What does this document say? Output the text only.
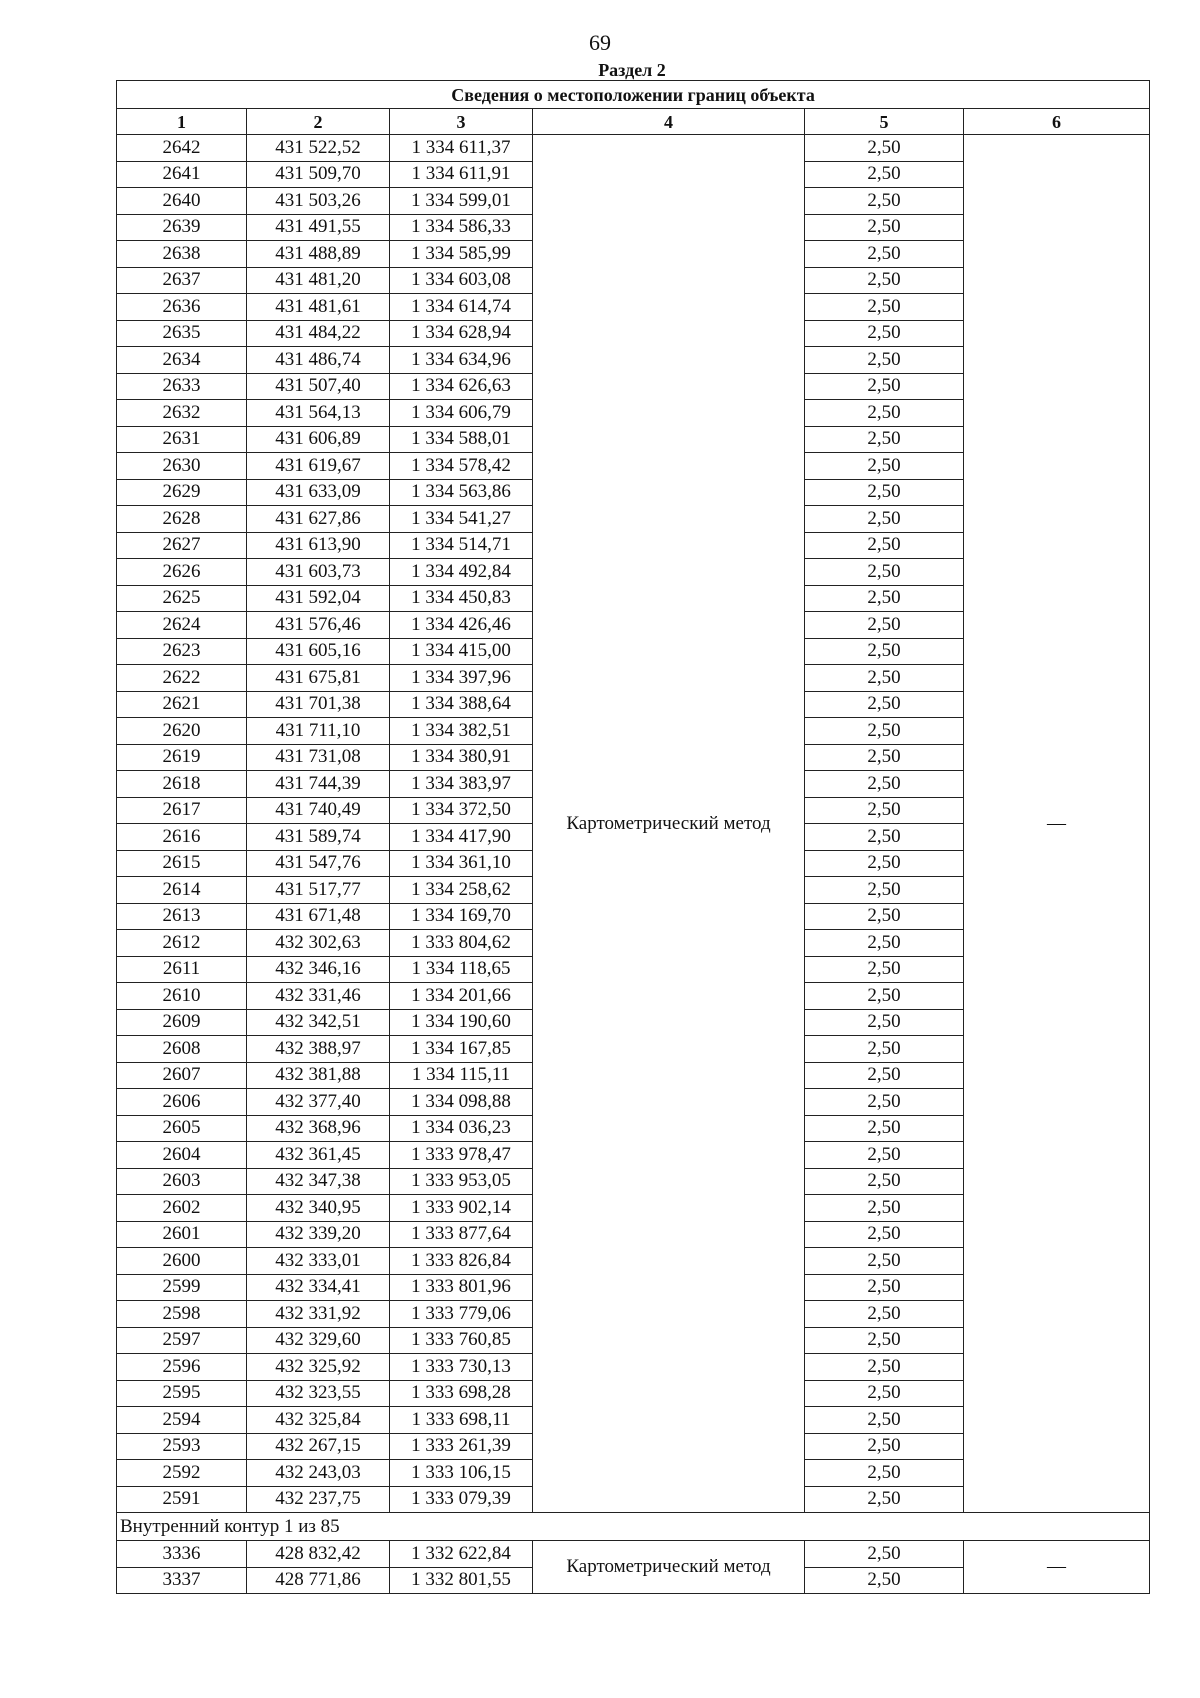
69
Раздел 2
Сведения о местоположении границ объекта					
1	2	3	4	5	6
2642	431 522,52	1 334 611,37	Картометрический метод	2,50	—
2641	431 509,70	1 334 611,91		2,50	
2640	431 503,26	1 334 599,01		2,50	
2639	431 491,55	1 334 586,33		2,50	
2638	431 488,89	1 334 585,99		2,50	
2637	431 481,20	1 334 603,08		2,50	
2636	431 481,61	1 334 614,74		2,50	
2635	431 484,22	1 334 628,94		2,50	
2634	431 486,74	1 334 634,96		2,50	
2633	431 507,40	1 334 626,63		2,50	
2632	431 564,13	1 334 606,79		2,50	
2631	431 606,89	1 334 588,01		2,50	
2630	431 619,67	1 334 578,42		2,50	
2629	431 633,09	1 334 563,86		2,50	
2628	431 627,86	1 334 541,27		2,50	
2627	431 613,90	1 334 514,71		2,50	
2626	431 603,73	1 334 492,84		2,50	
2625	431 592,04	1 334 450,83		2,50	
2624	431 576,46	1 334 426,46		2,50	
2623	431 605,16	1 334 415,00		2,50	
2622	431 675,81	1 334 397,96		2,50	
2621	431 701,38	1 334 388,64		2,50	
2620	431 711,10	1 334 382,51		2,50	
2619	431 731,08	1 334 380,91		2,50	
2618	431 744,39	1 334 383,97		2,50	
2617	431 740,49	1 334 372,50		2,50	
2616	431 589,74	1 334 417,90		2,50	
2615	431 547,76	1 334 361,10		2,50	
2614	431 517,77	1 334 258,62		2,50	
2613	431 671,48	1 334 169,70		2,50	
2612	432 302,63	1 333 804,62		2,50	
2611	432 346,16	1 334 118,65		2,50	
2610	432 331,46	1 334 201,66		2,50	
2609	432 342,51	1 334 190,60		2,50	
2608	432 388,97	1 334 167,85		2,50	
2607	432 381,88	1 334 115,11		2,50	
2606	432 377,40	1 334 098,88		2,50	
2605	432 368,96	1 334 036,23		2,50	
2604	432 361,45	1 333 978,47		2,50	
2603	432 347,38	1 333 953,05		2,50	
2602	432 340,95	1 333 902,14		2,50	
2601	432 339,20	1 333 877,64		2,50	
2600	432 333,01	1 333 826,84		2,50	
2599	432 334,41	1 333 801,96		2,50	
2598	432 331,92	1 333 779,06		2,50	
2597	432 329,60	1 333 760,85		2,50	
2596	432 325,92	1 333 730,13		2,50	
2595	432 323,55	1 333 698,28		2,50	
2594	432 325,84	1 333 698,11		2,50	
2593	432 267,15	1 333 261,39		2,50	
2592	432 243,03	1 333 106,15		2,50	
2591	432 237,75	1 333 079,39		2,50	
Внутренний контур 1 из 85					
3336	428 832,42	1 332 622,84	Картометрический метод	2,50	—
3337	428 771,86	1 332 801,55		2,50	
